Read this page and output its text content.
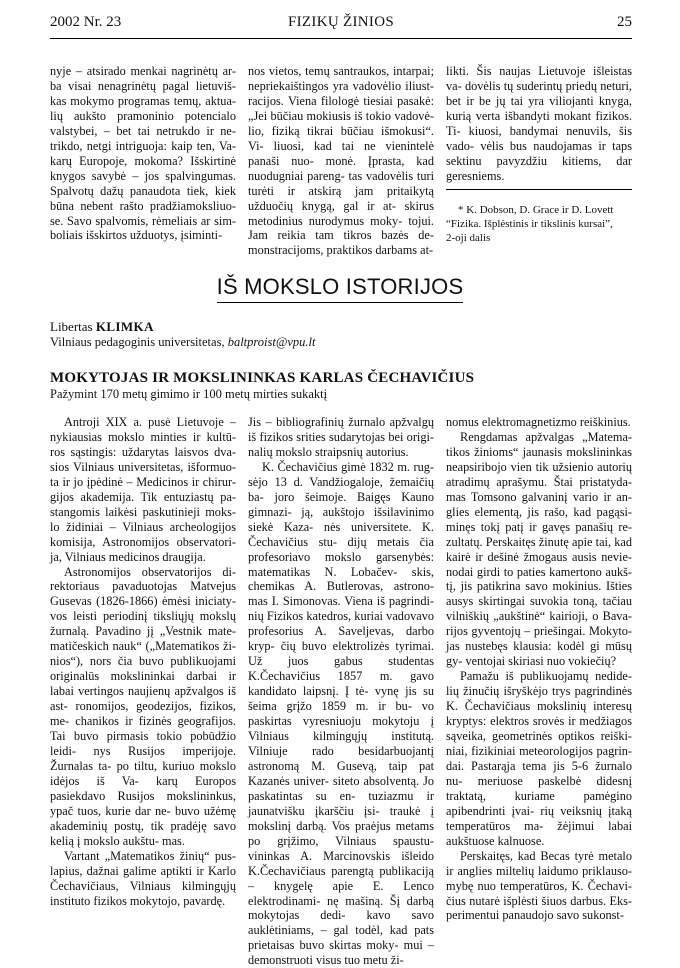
2002 Nr. 23	FIZIKŲ ŽINIOS	25

nyje – atsirado menkai nagrinėtų ar- ba visai nenagrinėtų pagal lietuviš- kas mokymo programas temų, aktua- lių aukšto pramoninio potencialo valstybei, – bet tai netrukdo ir ne- trikdo, netgi intriguoja: kaip ten, Va- karų Europoje, mokoma? Išskirtinė knygos savybė – jos spalvingumas. Spalvotų dažų panaudota tiek, kiek būna nebent rašto pradžiamoksliuo- se. Savo spalvomis, rėmeliais ar sim- boliais išskirtos užduotys, įsiminti-

nos vietos, temų santraukos, intarpai; nepriekaištingos yra vadovėlio iliust- racijos. Viena filologė tiesiai pasakė: „Jei būčiau mokiusis iš tokio vadovė- lio, fiziką tikrai būčiau išmokusi“. Vi- liuosi, kad tai ne vienintelė panaši nuo- monė. Įprasta, kad nuodugniai pareng- tas vadovėlis turi turėti ir atskirą jam pritaikytą užduočių knygą, gal ir at- skirus metodinius nurodymus moky- tojui. Jam reikia tam tikros bazės de- monstracijoms, praktikos darbams at-

likti. Šis naujas Lietuvoje išleistas va- dovėlis tų suderintų priedų neturi, bet ir be jų tai yra viliojanti knyga, kurią verta išbandyti mokant fizikos. Ti- kiuosi, bandymai nenuvils, šis vado- vėlis bus naudojamas ir taps sektinu pavyzdžiu kitiems, dar geresniems.

* K. Dobson, D. Grace ir D. Lovett
“Fizika. Išplėstinis ir tikslinis kursai”,
2-oji dalis
IŠ MOKSLO ISTORIJOS
Libertas KLIMKA
Vilniaus pedagoginis universitetas, baltproist@vpu.lt
MOKYTOJAS IR MOKSLININKAS KARLAS ČECHAVIČIUS
Pažymint 170 metų gimimo ir 100 metų mirties sukaktį

Antroji XIX a. pusė Lietuvoje – nykiausias mokslo minties ir kultū- ros sąstingis: uždarytas laisvos dva- sios Vilniaus universitetas, išformuo- ta ir jo įpėdinė – Medicinos ir chirur- gijos akademija. Tik entuziastų pa- stangomis laikėsi paskutinieji moks- lo židiniai – Vilniaus archeologijos komisija, Astronomijos observatori- ja, Vilniaus medicinos draugija.

Astronomijos observatorijos di- rektoriaus pavaduotojas Matvejus Gusevas (1826-1866) ėmėsi iniciaty- vos leisti periodinį tiksliųjų mokslų žurnalą. Pavadino jį „Vestnik mate- matičeskich nauk“ („Matematikos ži- nios“), nors čia buvo publikuojami originalūs mokslininkai darbai ir labai vertingos naujienų apžvalgos iš ast- ronomijos, geodezijos, fizikos, me- chanikos ir fizinės geografijos. Tai buvo pirmasis tokio pobūdžio leidi- nys Rusijos imperijoje. Žurnalas ta- po tiltu, kuriuo mokslo idėjos iš Va- karų Europos pasiekdavo Rusijos mokslininkus, ypač tuos, kurie dar ne- buvo užėmę akademinių postų, tik pradėję savo kelią į mokslo aukštu- mas.

Vartant „Matematikos žinių“ pus- lapius, dažnai galime aptikti ir Karlo Čechavičiaus, Vilniaus kilmingųjų instituto fizikos mokytojo, pavardę.

Jis – bibliografinių žurnalo apžvalgų iš fizikos srities sudarytojas bei origi- nalių mokslo straipsnių autorius.

K. Čechavičius gimė 1832 m. rug- sėjo 13 d. Vandžiogaloje, žemaičių ba- joro šeimoje. Baigęs Kauno gimnazi- ją, aukštojo išsilavinimo siekė Kaza- nės universitete. K. Čechavičius stu- dijų metais čia profesoriavo mokslo garsenybės: matematikas N. Lobačev- skis, chemikas A. Butlerovas, astrono- mas I. Simonovas. Viena iš pagrindi- nių Fizikos katedros, kuriai vadovavo profesorius A. Saveljevas, darbo kryp- čių buvo elektrolizės tyrimai. Už juos gabus studentas K.Čechavičius 1857 m. gavo kandidato laipsnį. Į tė- vynę jis su šeima grįžo 1859 m. ir bu- vo paskirtas vyresniuoju mokytoju į Vilniaus kilmingųjų institutą. Vilniuje rado besidarbuojantį astronomą M. Gusevą, taip pat Kazanės univer- siteto absolventą. Jo paskatintas su en- tuziazmu ir jaunatvišku įkarščiu įsi- traukė į mokslinį darbą. Vos praėjus metams po grįžimo, Vilniaus spaustu- vininkas A. Marcinovskis išleido K.Čechavičiaus parengtą publikaciją – knygelę apie E. Lenco elektrodinami- nę mašiną. Šį darbą mokytojas dedi- kavo savo auklėtiniams, – gal todėl, kad pats prietaisas buvo skirtas moky- mui – demonstruoti visus tuo metu ži-

nomus elektromagnetizmo reiškinius.

Rengdamas apžvalgas „Matema- tikos žinioms“ jaunasis mokslininkas neapsiribojo vien tik užsienio autorių atradimų aprašymu. Štai pristatyda- mas Tomsono galvaninį vario ir an- glies elementą, jis rašo, kad pagąsi- minęs tokį patį ir gavęs panašių re- zultatų. Perskaitęs žinutę apie tai, kad kairė ir dešinė žmogaus ausis nevie- nodai girdi to paties kamertono aukš- tį, jis patikrina savo mokinius. Išties ausys skirtingai suvokia toną, tačiau vilniškių „aukštinė“ kairioji, o Bava- rijos gyventojų – priešingai. Mokyto- jas nustebęs klausia: kodėl gi mūsų gy- ventojai skiriasi nuo vokiečių?

Pamažu iš publikuojamų nedide- lių žinučių išryškėjo trys pagrindinės K. Čechavičiaus mokslinių interesų kryptys: elektros srovės ir medžiagos sąveika, geometrinės optikos reiški- niai, fizikiniai meteorologijos pagrin- dai. Pastarąja tema jis 5-6 žurnalo nu- meriuose paskelbė didesnį traktatą, kuriame pamėgino apibendrinti įvai- rių veiksnių įtaką temperatūros ma- žėjimui labai aukštuose kalnuose.

Perskaitęs, kad Becas tyrė metalo ir anglies miltelių laidumo priklauso- mybę nuo temperatūros, K. Čechavi- čius nutarė išplėsti šiuos darbus. Eks- perimentui panaudojo savo sukonst-
